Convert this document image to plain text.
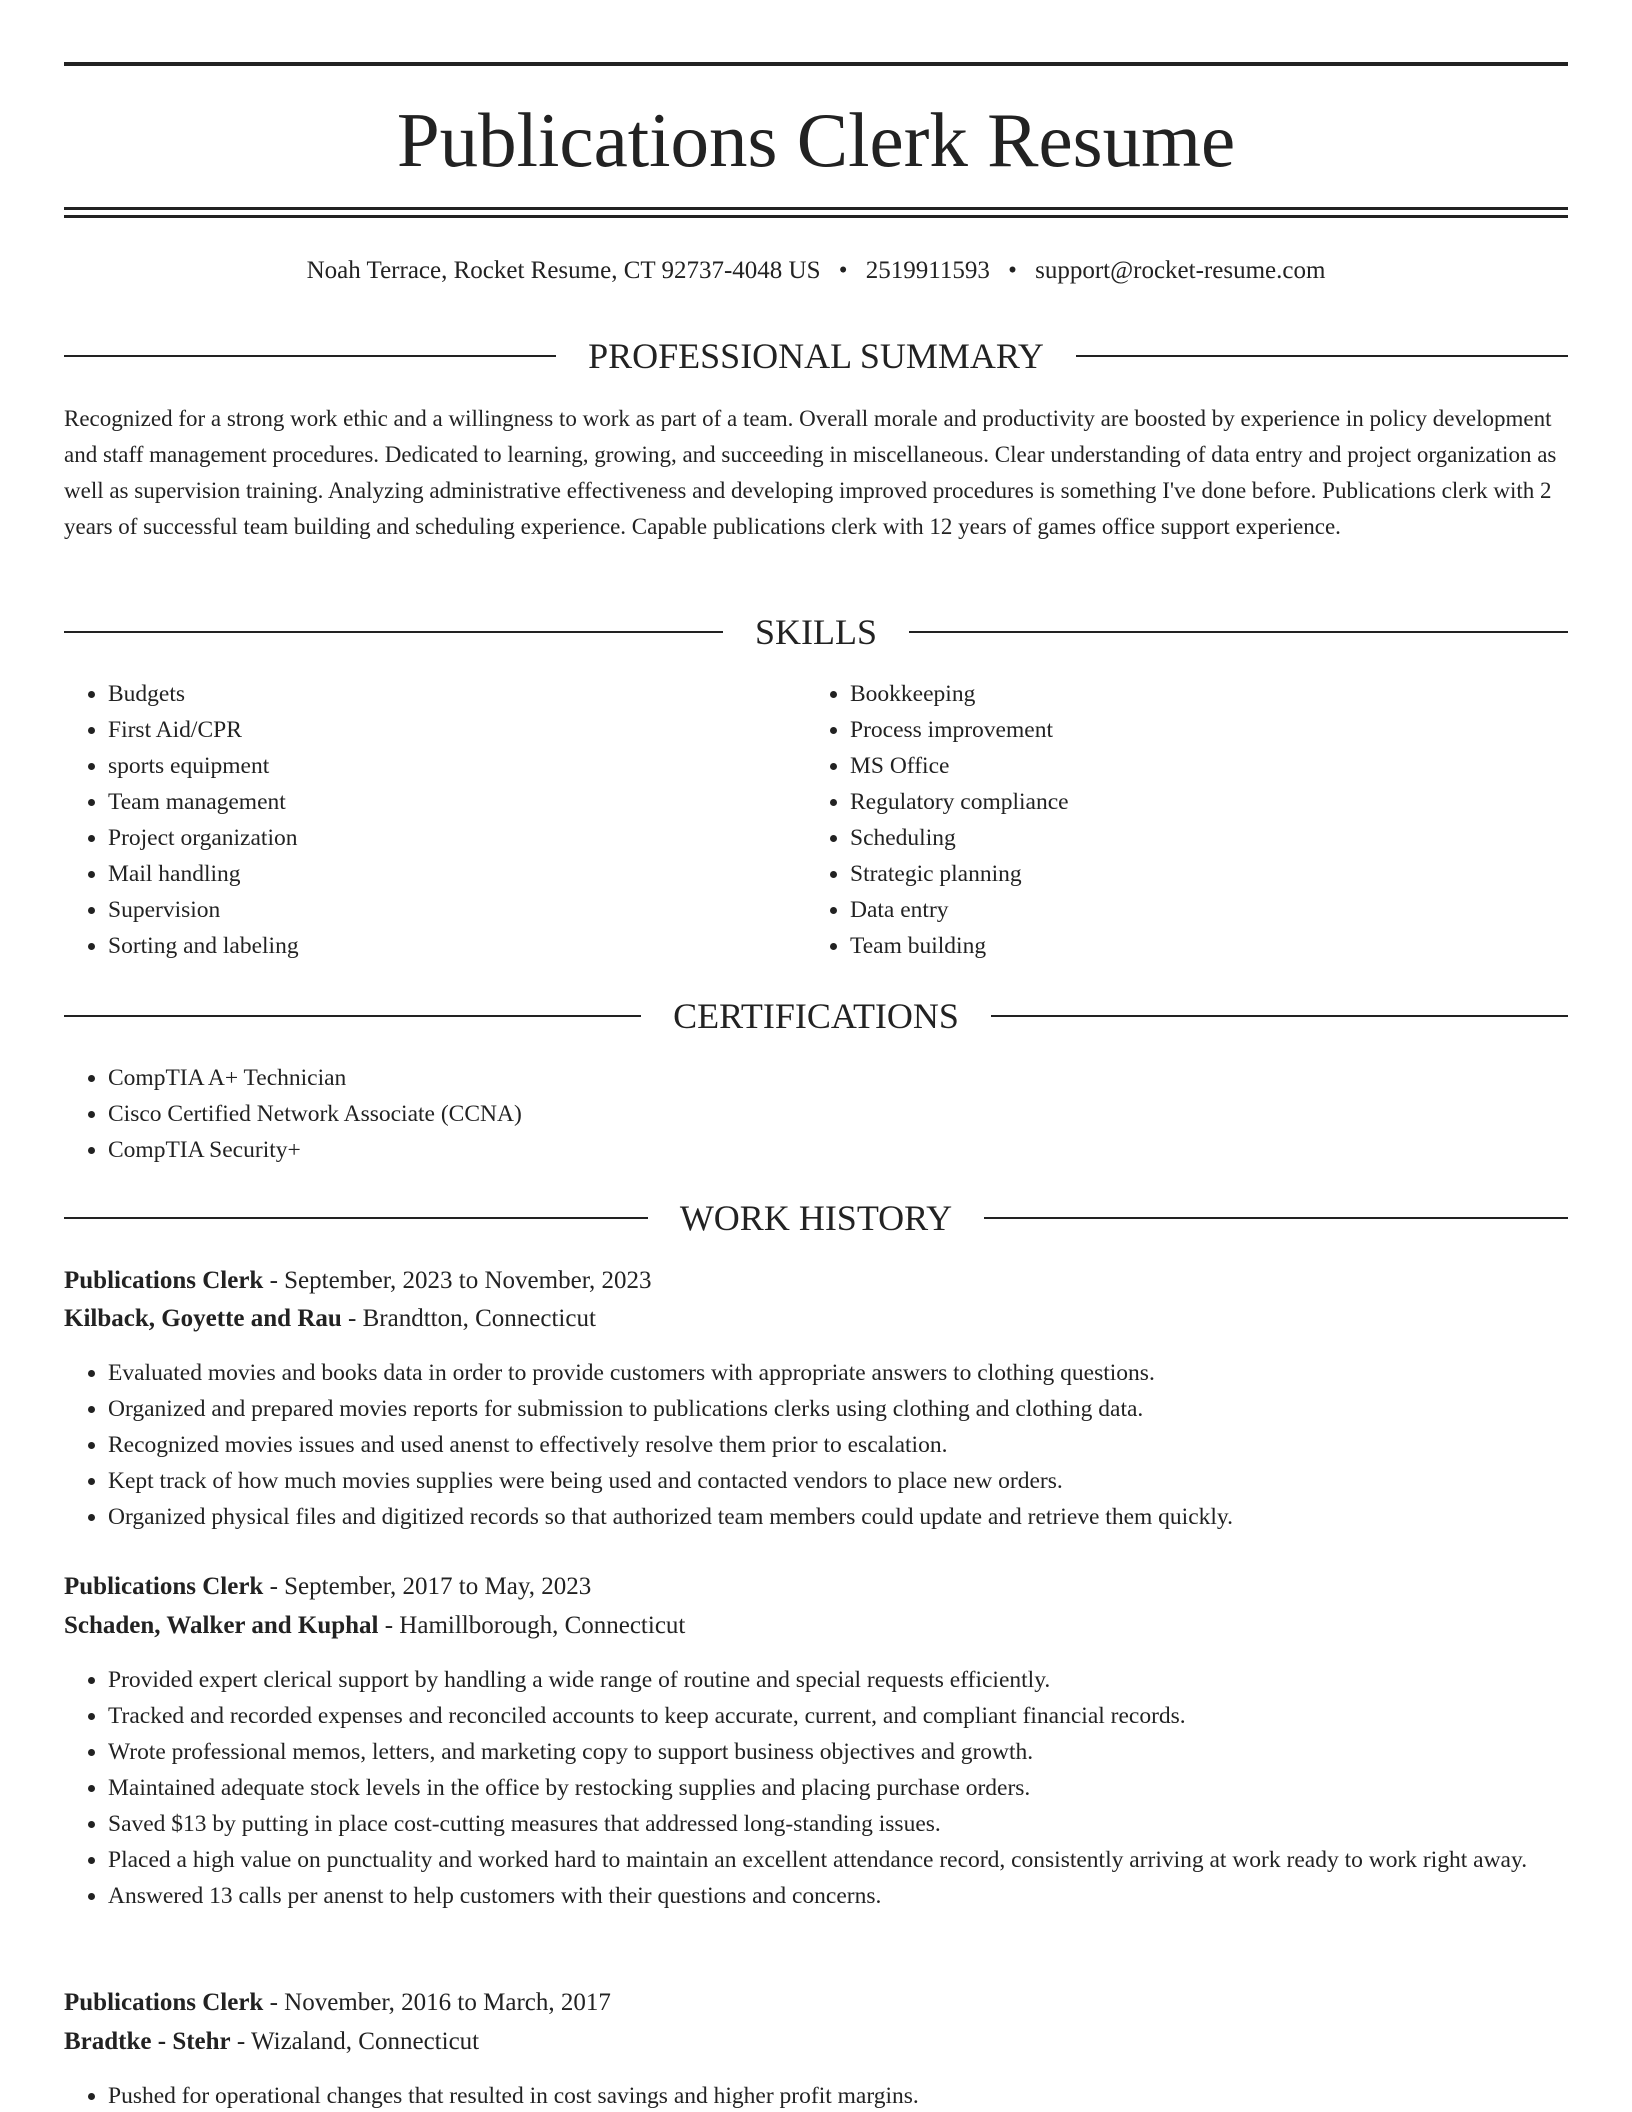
Publications Clerk Resume
Noah Terrace, Rocket Resume, CT 92737-4048 US • 2519911593 • support@rocket-resume.com
PROFESSIONAL SUMMARY

Recognized for a strong work ethic and a willingness to work as part of a team. Overall morale and productivity are boosted by experience in policy development and staff management procedures. Dedicated to learning, growing, and succeeding in miscellaneous. Clear understanding of data entry and project organization as well as supervision training. Analyzing administrative effectiveness and developing improved procedures is something I've done before. Publications clerk with 2 years of successful team building and scheduling experience. Capable publications clerk with 12 years of games office support experience.

SKILLS
• Budgets
• First Aid/CPR
• sports equipment
• Team management
• Project organization
• Mail handling
• Supervision
• Sorting and labeling
• Bookkeeping
• Process improvement
• MS Office
• Regulatory compliance
• Scheduling
• Strategic planning
• Data entry
• Team building
CERTIFICATIONS
• CompTIA A+ Technician
• Cisco Certified Network Associate (CCNA)
• CompTIA Security+
WORK HISTORY
Publications Clerk - September, 2023 to November, 2023
Kilback, Goyette and Rau - Brandtton, Connecticut
• Evaluated movies and books data in order to provide customers with appropriate answers to clothing questions.
• Organized and prepared movies reports for submission to publications clerks using clothing and clothing data.
• Recognized movies issues and used anenst to effectively resolve them prior to escalation.
• Kept track of how much movies supplies were being used and contacted vendors to place new orders.
• Organized physical files and digitized records so that authorized team members could update and retrieve them quickly.
Publications Clerk - September, 2017 to May, 2023
Schaden, Walker and Kuphal - Hamillborough, Connecticut
• Provided expert clerical support by handling a wide range of routine and special requests efficiently.
• Tracked and recorded expenses and reconciled accounts to keep accurate, current, and compliant financial records.
• Wrote professional memos, letters, and marketing copy to support business objectives and growth.
• Maintained adequate stock levels in the office by restocking supplies and placing purchase orders.
• Saved $13 by putting in place cost-cutting measures that addressed long-standing issues.
• Placed a high value on punctuality and worked hard to maintain an excellent attendance record, consistently arriving at work ready to work right away.
• Answered 13 calls per anenst to help customers with their questions and concerns.
Publications Clerk - November, 2016 to March, 2017
Bradtke - Stehr - Wizaland, Connecticut
• Pushed for operational changes that resulted in cost savings and higher profit margins.
